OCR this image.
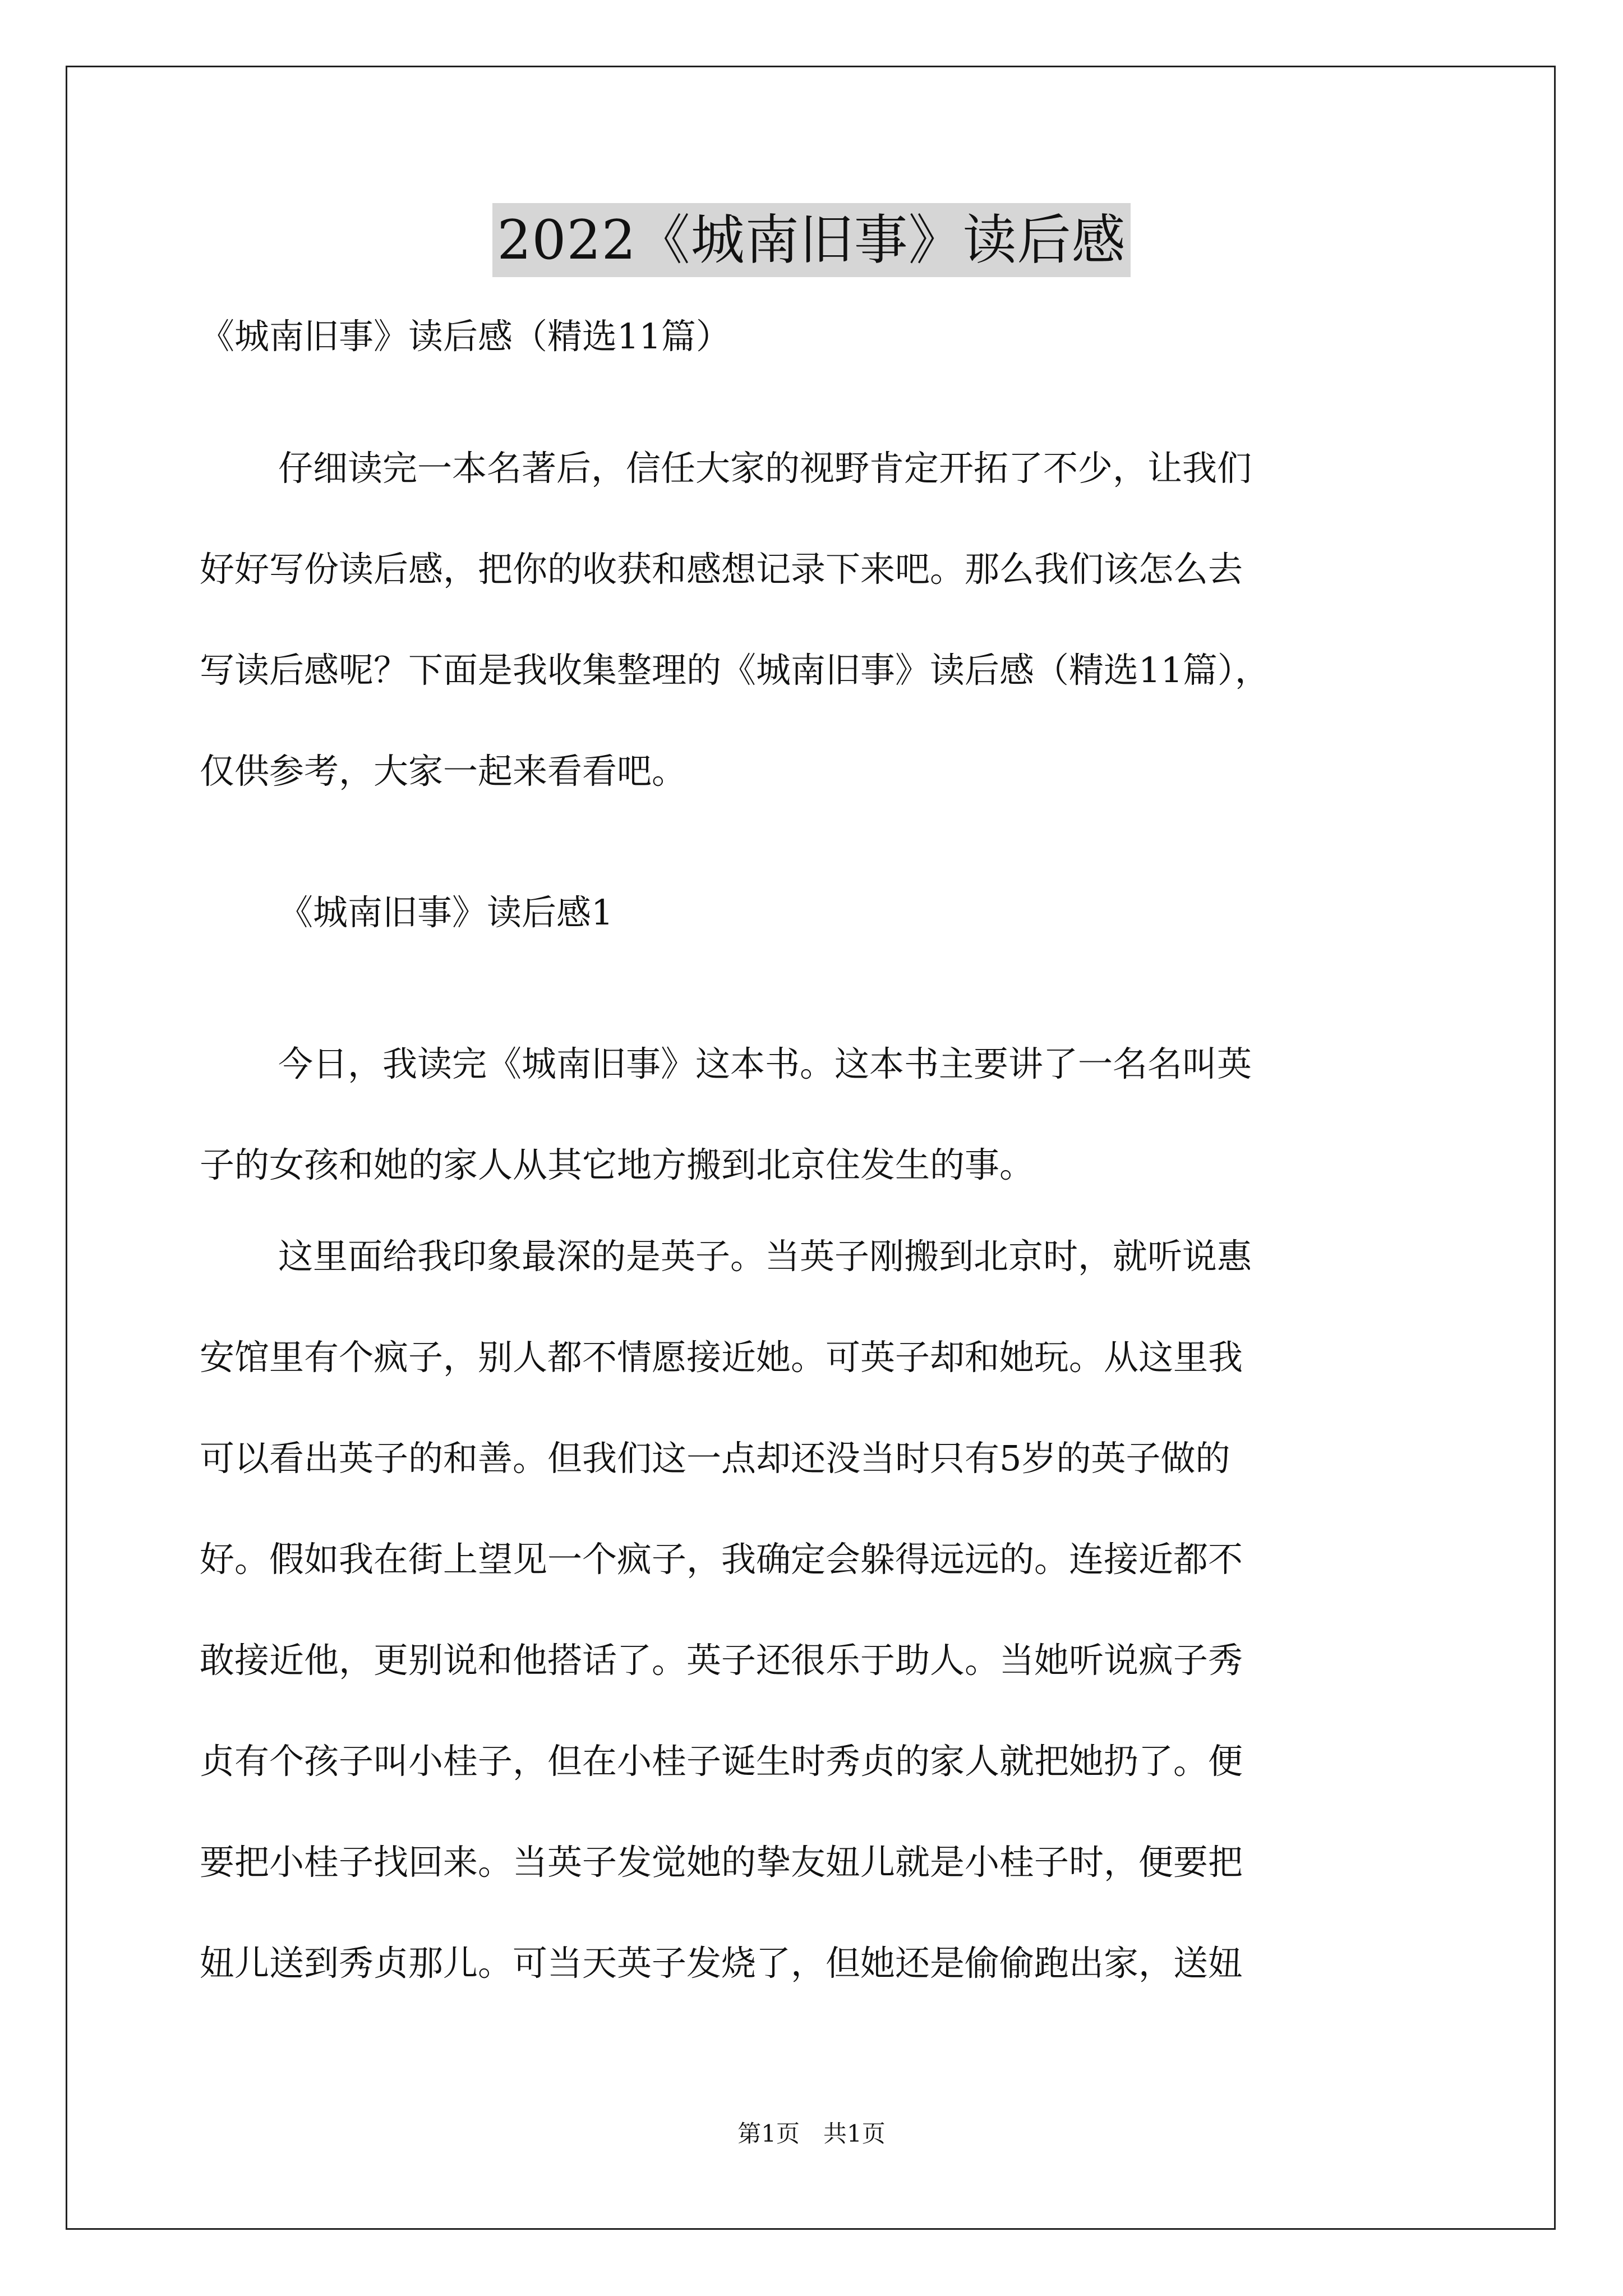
2022《城南旧事》读后感
《城南旧事》读后感（精选11篇）
仔细读完一本名著后，信任大家的视野肯定开拓了不少，让我们
好好写份读后感，把你的收获和感想记录下来吧。那么我们该怎么去
写读后感呢？下面是我收集整理的《城南旧事》读后感（精选11篇），
仅供参考，大家一起来看看吧。
《城南旧事》读后感1
今日，我读完《城南旧事》这本书。这本书主要讲了一名名叫英
子的女孩和她的家人从其它地方搬到北京住发生的事。
这里面给我印象最深的是英子。当英子刚搬到北京时，就听说惠
安馆里有个疯子，别人都不情愿接近她。可英子却和她玩。从这里我
可以看出英子的和善。但我们这一点却还没当时只有5岁的英子做的
好。假如我在街上望见一个疯子，我确定会躲得远远的。连接近都不
敢接近他，更别说和他搭话了。英子还很乐于助人。当她听说疯子秀
贞有个孩子叫小桂子，但在小桂子诞生时秀贞的家人就把她扔了。便
要把小桂子找回来。当英子发觉她的挚友妞儿就是小桂子时，便要把
妞儿送到秀贞那儿。可当天英子发烧了，但她还是偷偷跑出家，送妞
第1页　共1页
